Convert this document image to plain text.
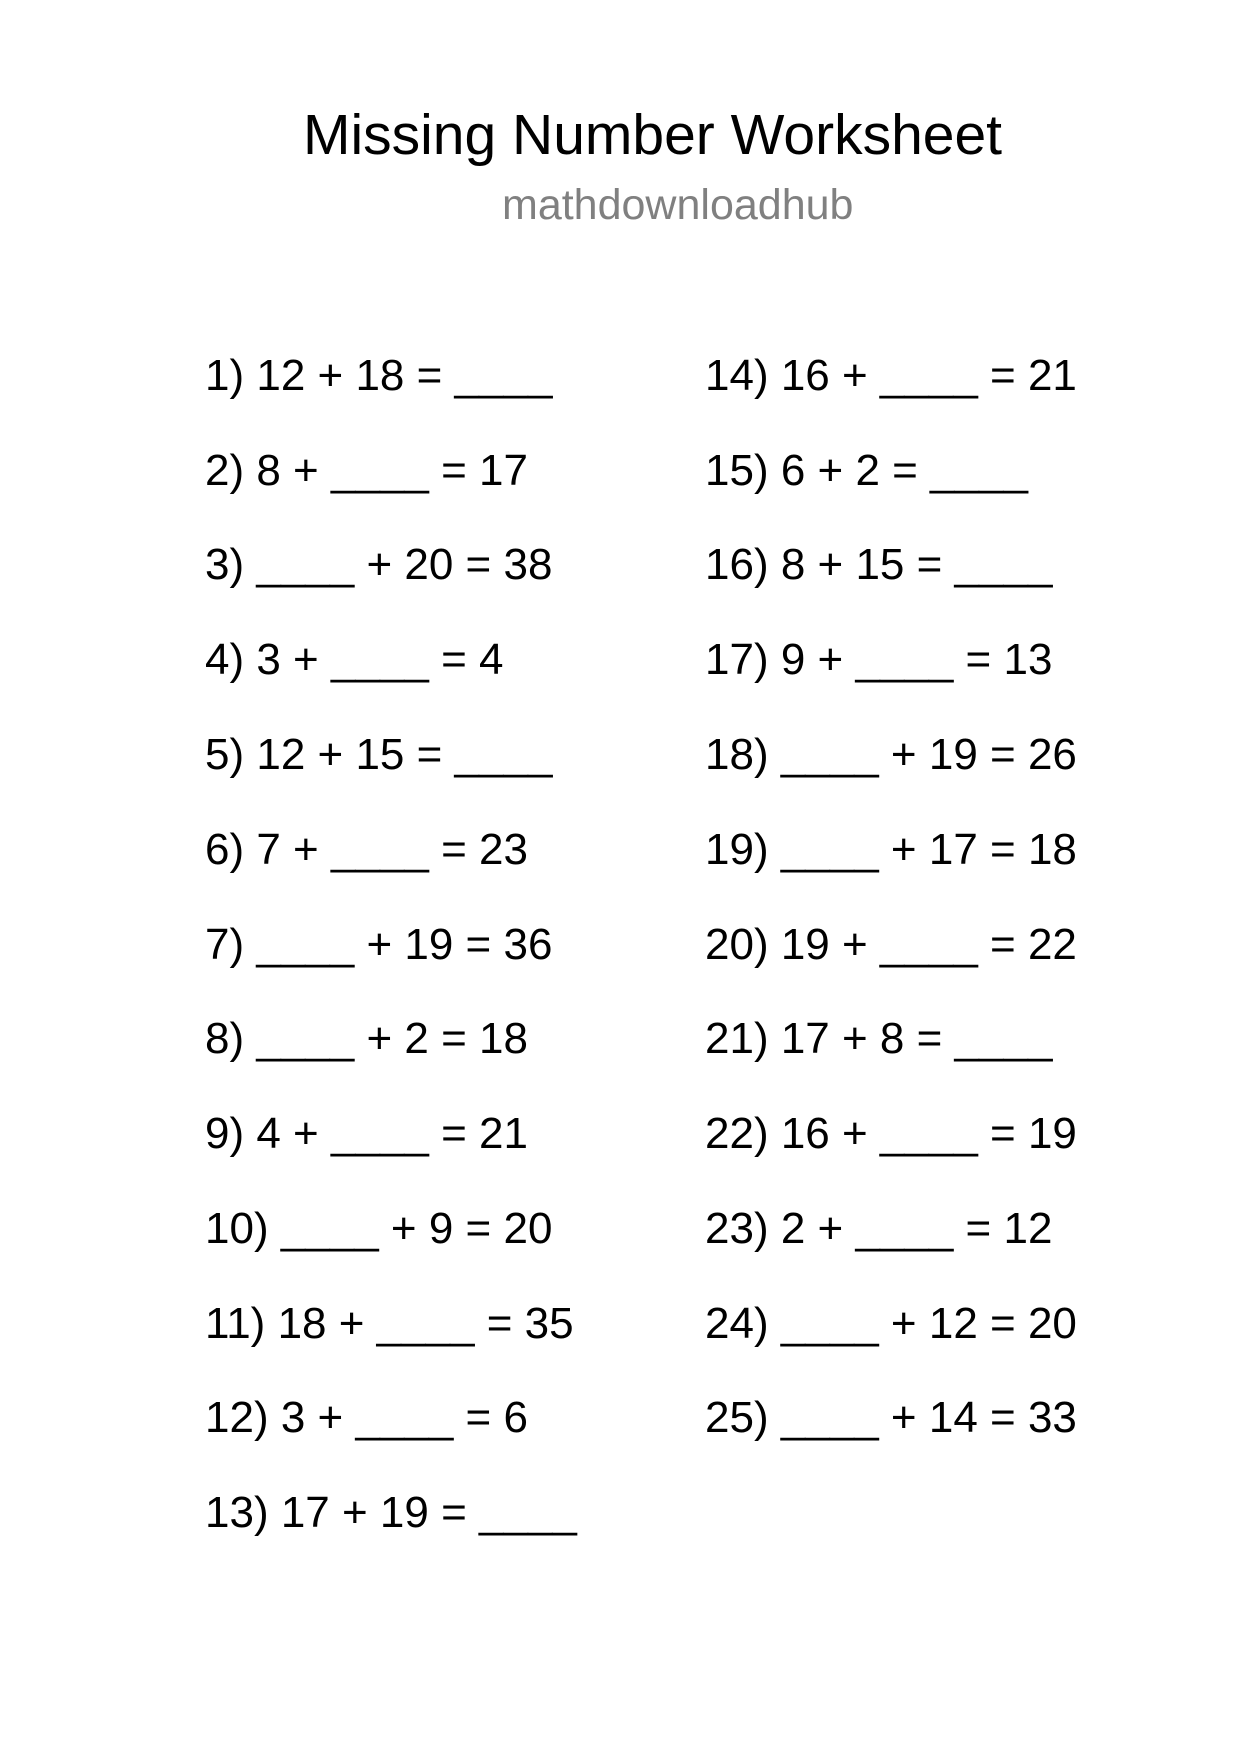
Missing Number Worksheet
mathdownloadhub
1) 12 + 18 = ____
2) 8 + ____ = 17
3) ____ + 20 = 38
4) 3 + ____ = 4
5) 12 + 15 = ____
6) 7 + ____ = 23
7) ____ + 19 = 36
8) ____ + 2 = 18
9) 4 + ____ = 21
10) ____ + 9 = 20
11) 18 + ____ = 35
12) 3 + ____ = 6
13) 17 + 19 = ____
14) 16 + ____ = 21
15) 6 + 2 = ____
16) 8 + 15 = ____
17) 9 + ____ = 13
18) ____ + 19 = 26
19) ____ + 17 = 18
20) 19 + ____ = 22
21) 17 + 8 = ____
22) 16 + ____ = 19
23) 2 + ____ = 12
24) ____ + 12 = 20
25) ____ + 14 = 33
